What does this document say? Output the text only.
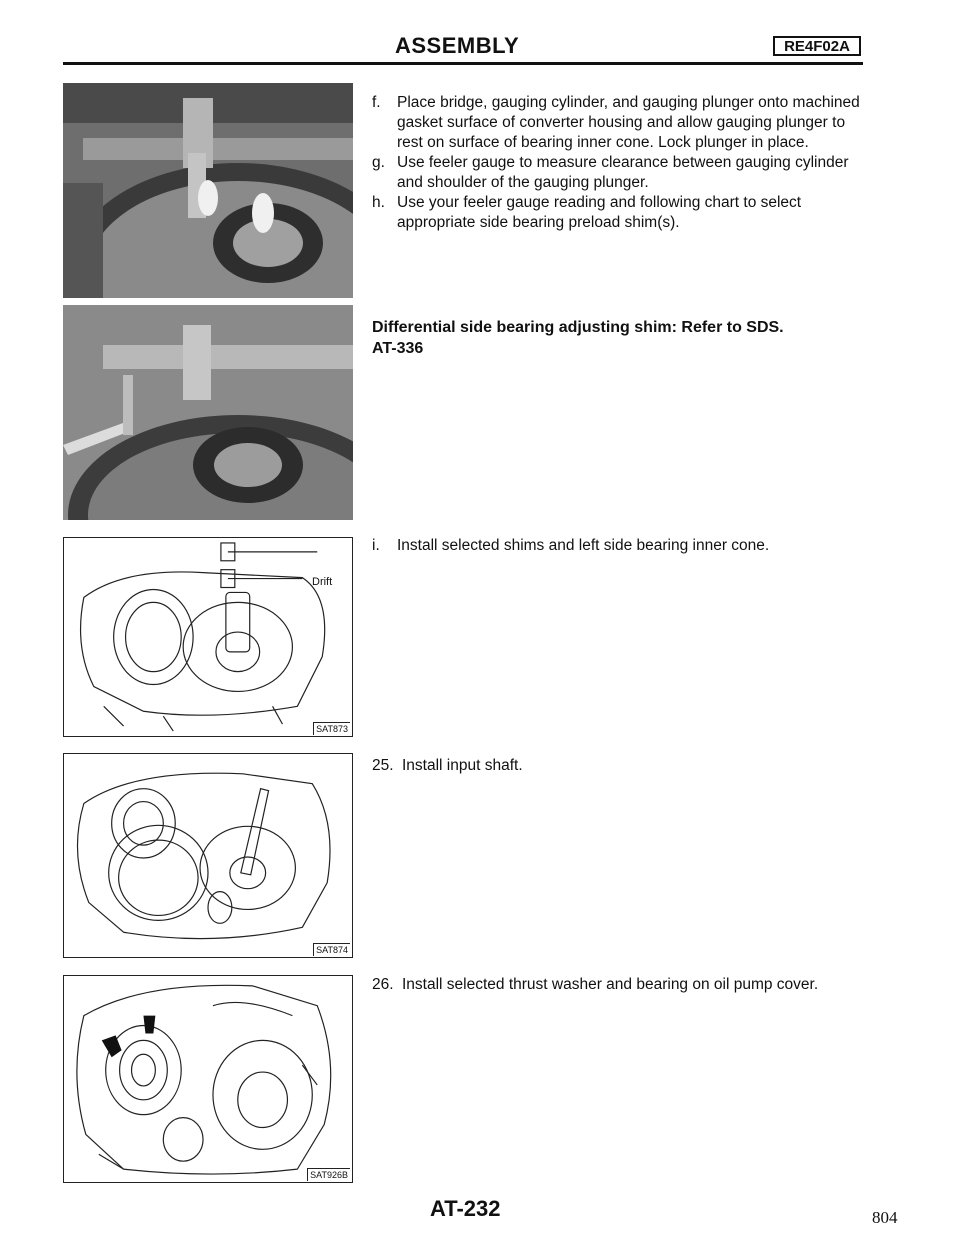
ASSEMBLY	RE4F02A
Drift
SAT873
SAT874
SAT926B
f. Place bridge, gauging cylinder, and gauging plunger onto machined gasket surface of converter housing and allow gauging plunger to rest on surface of bearing inner cone. Lock plunger in place.
g. Use feeler gauge to measure clearance between gauging cylinder and shoulder of the gauging plunger.
h. Use your feeler gauge reading and following chart to select appropriate side bearing preload shim(s).
Differential side bearing adjusting shim: Refer to SDS.
AT-336
i. Install selected shims and left side bearing inner cone.
25. Install input shaft.
26. Install selected thrust washer and bearing on oil pump cover.
AT-232	804
